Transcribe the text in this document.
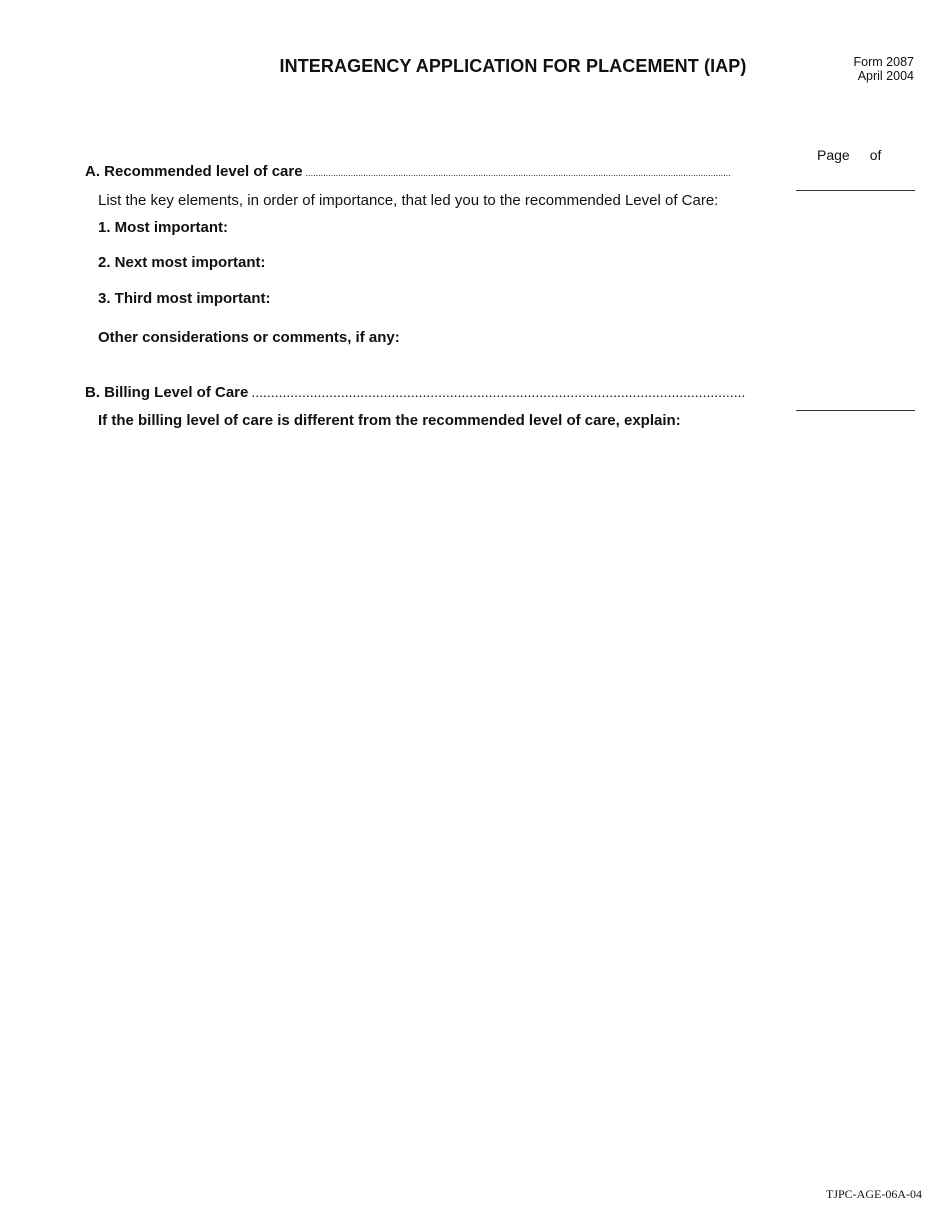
INTERAGENCY APPLICATION FOR PLACEMENT (IAP)	Form 2087
April 2004
Page of
A. Recommended level of care ..........................................................................................................................................................................
List the key elements, in order of importance, that led you to the recommended Level of Care:
1. Most important:
2. Next most important:
3. Third most important:
Other considerations or comments, if any:
B. Billing Level of Care ...............................................................................................................................
If the billing level of care is different from the recommended level of care, explain:
TJPC-AGE-06A-04
